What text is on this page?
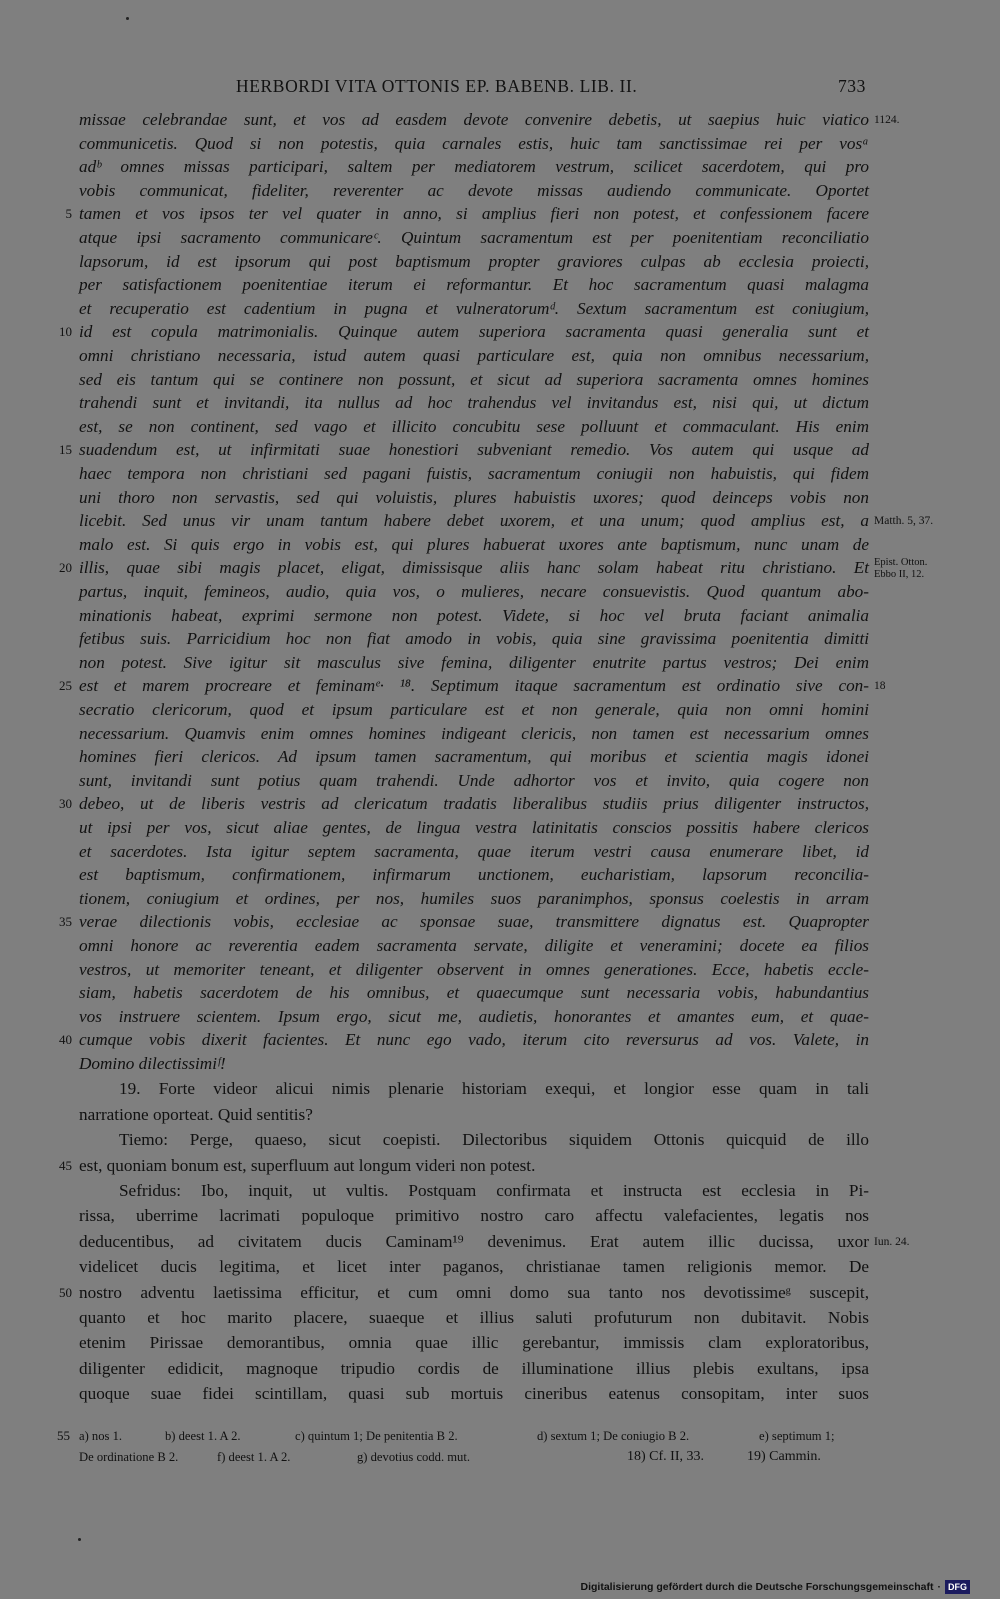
HERBORDI VITA OTTONIS EP. BABENB. LIB. II.	733
missae celebrandae sunt, et vos ad easdem devote convenire debetis, ut saepius huic viatico 1124.
communicetis. Quod si non potestis, quia carnales estis, huic tam sanctissimae rei per vosᵃ
adᵇ omnes missas participari, saltem per mediatorem vestrum, scilicet sacerdotem, qui pro
vobis communicat, fideliter, reverenter ac devote missas audiendo communicate. Oportet
tamen et vos ipsos ter vel quater in anno, si amplius fieri non potest, et confessionem facere
5
atque ipsi sacramento communicareᶜ. Quintum sacramentum est per poenitentiam reconciliatio
lapsorum, id est ipsorum qui post baptismum propter graviores culpas ab ecclesia proiecti,
per satisfactionem poenitentiae iterum ei reformantur. Et hoc sacramentum quasi malagma
et recuperatio est cadentium in pugna et vulneratorumᵈ. Sextum sacramentum est coniugium,
id est copula matrimonialis. Quinque autem superiora sacramenta quasi generalia sunt et
10
omni christiano necessaria, istud autem quasi particulare est, quia non omnibus necessarium,
sed eis tantum qui se continere non possunt, et sicut ad superiora sacramenta omnes homines
trahendi sunt et invitandi, ita nullus ad hoc trahendus vel invitandus est, nisi qui, ut dictum
est, se non continent, sed vago et illicito concubitu sese polluunt et commaculant. His enim
suadendum est, ut infirmitati suae honestiori subveniant remedio. Vos autem qui usque ad
15
haec tempora non christiani sed pagani fuistis, sacramentum coniugii non habuistis, qui fidem
uni thoro non servastis, sed qui voluistis, plures habuistis uxores; quod deinceps vobis non
licebit. Sed unus vir unam tantum habere debet uxorem, et una unum; quod amplius est, a Matth. 5, 37.
malo est. Si quis ergo in vobis est, qui plures habuerat uxores ante baptismum, nunc unam de
illis, quae sibi magis placet, eligat, dimissisque aliis hanc solam habeat ritu christiano. Et
20	Epist. Otton.
Ebbo II, 12.
partus, inquit, femineos, audio, quia vos, o mulieres, necare consuevistis. Quod quantum abo-
minationis habeat, exprimi sermone non potest. Videte, si hoc vel bruta faciant animalia
fetibus suis. Parricidium hoc non fiat amodo in vobis, quia sine gravissima poenitentia dimitti
non potest. Sive igitur sit masculus sive femina, diligenter enutrite partus vestros; Dei enim
est et marem procreare et feminamᵉ· ¹⁸. Septimum itaque sacramentum est ordinatio sive con-
25	18
secratio clericorum, quod et ipsum particulare est et non generale, quia non omni homini
necessarium. Quamvis enim omnes homines indigeant clericis, non tamen est necessarium omnes
homines fieri clericos. Ad ipsum tamen sacramentum, qui moribus et scientia magis idonei
sunt, invitandi sunt potius quam trahendi. Unde adhortor vos et invito, quia cogere non
debeo, ut de liberis vestris ad clericatum tradatis liberalibus studiis prius diligenter instructos,
30
ut ipsi per vos, sicut aliae gentes, de lingua vestra latinitatis conscios possitis habere clericos
et sacerdotes. Ista igitur septem sacramenta, quae iterum vestri causa enumerare libet, id
est baptismum, confirmationem, infirmarum unctionem, eucharistiam, lapsorum reconcilia-
tionem, coniugium et ordines, per nos, humiles suos paranimphos, sponsus coelestis in arram
verae dilectionis vobis, ecclesiae ac sponsae suae, transmittere dignatus est. Quapropter
35
omni honore ac reverentia eadem sacramenta servate, diligite et veneramini; docete ea filios
vestros, ut memoriter teneant, et diligenter observent in omnes generationes. Ecce, habetis eccle-
siam, habetis sacerdotem de his omnibus, et quaecumque sunt necessaria vobis, habundantius
vos instruere scientem. Ipsum ergo, sicut me, audietis, honorantes et amantes eum, et quae-
cumque vobis dixerit facientes. Et nunc ego vado, iterum cito reversurus ad vos. Valete, in
40
Domino dilectissimiᶠ!
19. Forte videor alicui nimis plenarie historiam exequi, et longior esse quam in tali
narratione oporteat. Quid sentitis?
Tiemo: Perge, quaeso, sicut coepisti. Dilectoribus siquidem Ottonis quicquid de illo
est, quoniam bonum est, superfluum aut longum videri non potest.
45
Sefridus: Ibo, inquit, ut vultis. Postquam confirmata et instructa est ecclesia in Pi-
rissa, uberrime lacrimati populoque primitivo nostro caro affectu valefacientes, legatis nos
deducentibus, ad civitatem ducis Caminam¹⁹ devenimus. Erat autem illic ducissa, uxor Iun. 24.
videlicet ducis legitima, et licet inter paganos, christianae tamen religionis memor. De
nostro adventu laetissima efficitur, et cum omni domo sua tanto nos devotissimeᵍ suscepit,
50
quanto et hoc marito placere, suaeque et illius saluti profuturum non dubitavit. Nobis
etenim Pirissae demorantibus, omnia quae illic gerebantur, immissis clam exploratoribus,
diligenter edidicit, magnoque tripudio cordis de illuminatione illius plebis exultans, ipsa
quoque suae fidei scintillam, quasi sub mortuis cineribus eatenus consopitam, inter suos
55 a) nos 1.	b) deest 1. A 2.	c) quintum 1; De penitentia B 2.	d) sextum 1; De coniugio B 2.	e) septimum 1;
De ordinatione B 2.	f) deest 1. A 2.	g) devotius codd. mut.	18) Cf. II, 33.	19) Cammin.
Digitalisierung gefördert durch die Deutsche Forschungsgemeinschaft · DFG
